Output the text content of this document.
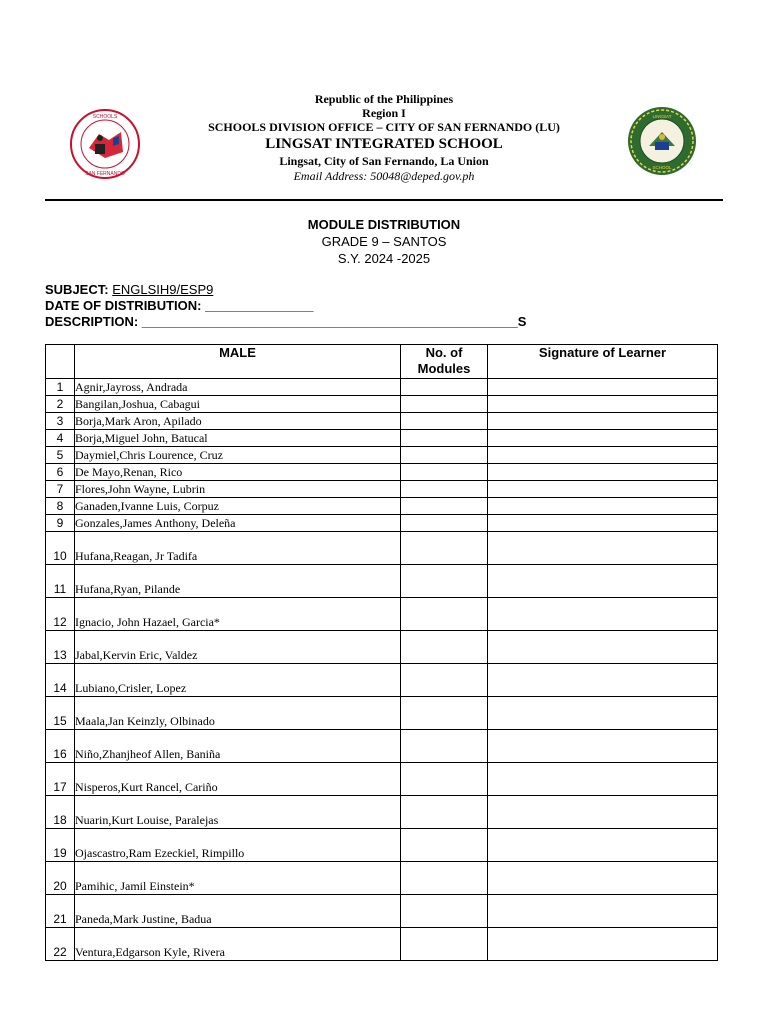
SCHOOLS
SAN FERNANDO
LINGSAT
SCHOOL
Republic of the Philippines
Region I
SCHOOLS DIVISION OFFICE – CITY OF SAN FERNANDO (LU)
LINGSAT INTEGRATED SCHOOL
Lingsat, City of San Fernando, La Union
Email Address: 50048@deped.gov.ph
MODULE DISTRIBUTION
GRADE 9 – SANTOS
S.Y. 2024 -2025
SUBJECT: ENGLSIH9/ESP9
DATE OF DISTRIBUTION: _______________
DESCRIPTION: ____________________________________________________S
	MALE	No. of Modules	Signature of Learner
1	Agnir,Jayross, Andrada		
2	Bangilan,Joshua, Cabagui		
3	Borja,Mark Aron, Apilado		
4	Borja,Miguel John, Batucal		
5	Daymiel,Chris Lourence, Cruz		
6	De Mayo,Renan, Rico		
7	Flores,John Wayne, Lubrin		
8	Ganaden,Ivanne Luis, Corpuz		
9	Gonzales,James Anthony, Deleña		
10	Hufana,Reagan, Jr Tadifa		
11	Hufana,Ryan, Pilande		
12	Ignacio, John Hazael, Garcia*		
13	Jabal,Kervin Eric, Valdez		
14	Lubiano,Crisler, Lopez		
15	Maala,Jan Keinzly, Olbinado		
16	Niño,Zhanjheof Allen, Baniña		
17	Nisperos,Kurt Rancel, Cariño		
18	Nuarin,Kurt Louise, Paralejas		
19	Ojascastro,Ram Ezeckiel, Rimpillo		
20	Pamihic, Jamil Einstein*		
21	Paneda,Mark Justine, Badua		
22	Ventura,Edgarson Kyle, Rivera		
